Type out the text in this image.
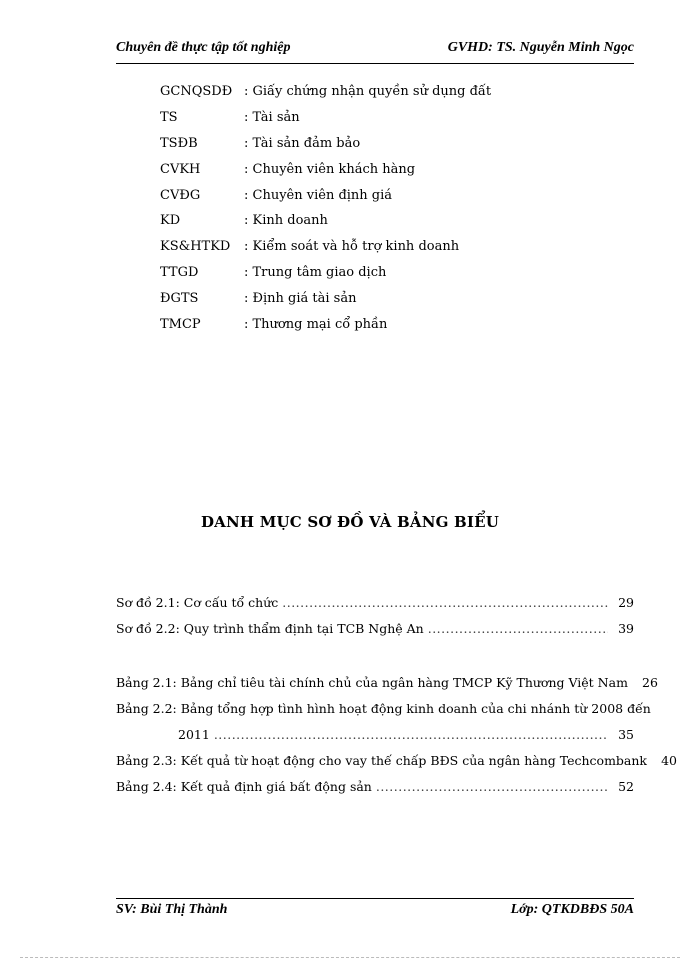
Chuyên đề thực tập tốt nghiệp	GVHD: TS. Nguyễn Minh Ngọc
GCNQSDĐ : Giấy chứng nhận quyền sử dụng đất
TS	: Tài sản
TSĐB	: Tài sản đảm bảo
CVKH	: Chuyên viên khách hàng
CVĐG	: Chuyên viên định giá
KD	: Kinh doanh
KS&HTKD	: Kiểm soát và hỗ trợ kinh doanh
TTGD	: Trung tâm giao dịch
ĐGTS	: Định giá tài sản
TMCP	: Thương mại cổ phần
DANH MỤC SƠ ĐỒ VÀ BẢNG BIỂU
Sơ đồ 2.1: Cơ cấu tổ chức .....	29
Sơ đồ 2.2: Quy trình thẩm định tại TCB Nghệ An .....	39
Bảng 2.1: Bảng chỉ tiêu tài chính chủ của ngân hàng TMCP Kỹ Thương Việt Nam	26
Bảng 2.2: Bảng tổng hợp tình hình hoạt động kinh doanh của chi nhánh từ 2008 đến
2011 .....	35
Bảng 2.3: Kết quả từ hoạt động cho vay thế chấp BĐS của ngân hàng Techcombank	40
Bảng 2.4: Kết quả định giá bất động sản .....	52
SV: Bùi Thị Thành	Lớp: QTKDBĐS 50A
